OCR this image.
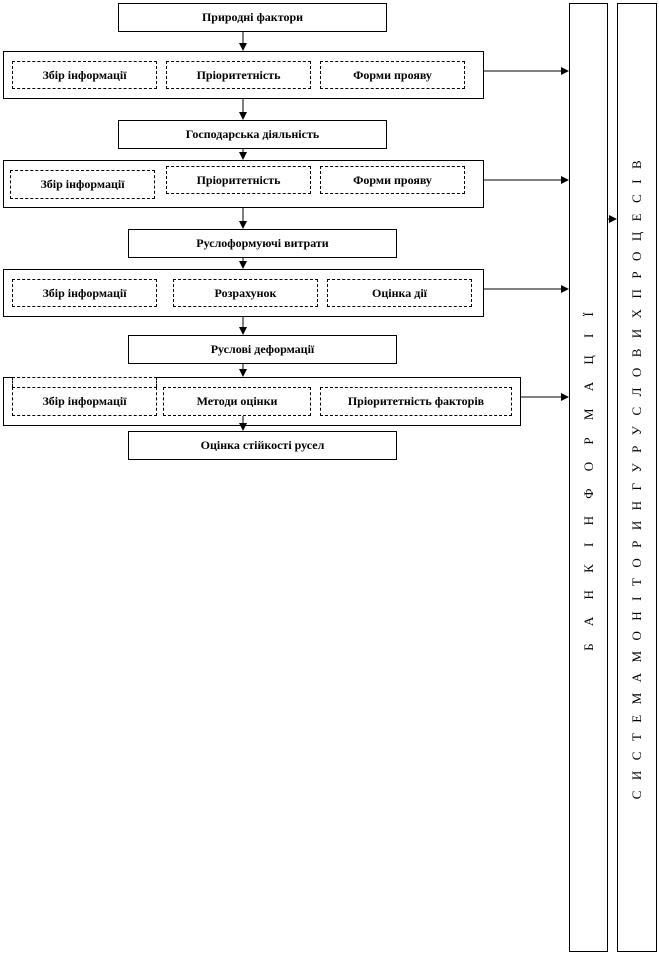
Природні фактори
Збір інформації	Пріоритетність	Форми прояву
Господарська діяльність
Збір інформації	Пріоритетність	Форми прояву
Руслоформуючі витрати
Збір інформації	Розрахунок	Оцінка дії
Руслові деформації
Збір інформації	Методи оцінки	Пріоритетність факторів
Оцінка стійкості русел	Б А Н К І Н Ф О Р М А Ц І Ї	С И С Т Е М А М О Н І Т О Р И Н Г У Р У С Л О В И Х П Р О Ц Е С І В
